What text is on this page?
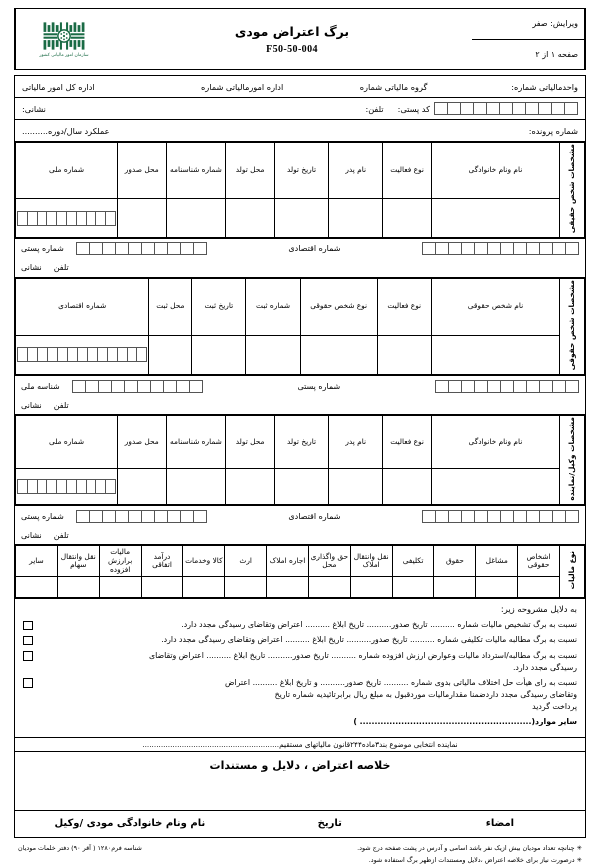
ویرایش: صفر
صفحه ۱ از ۲
برگ اعتراض مودی
F50-50-004
سازمان امور مالیاتی کشور
واحدمالیاتی شماره:
گروه مالیاتی شماره
اداره امورمالیاتی شماره
اداره کل امور مالیاتی
کد پستی:
تلفن:
نشانی:
شماره پرونده:
عملکرد سال/دوره..........
مشخصات شخص حقیقی	نام ونام خانوادگی	نوع فعالیت	نام پدر	تاریخ تولد	محل تولد	شماره شناسنامه	محل صدور	شماره ملی

شماره اقتصادی
شماره پستی
تلفن
نشانی
مشخصات شخص حقوقی	نام شخص حقوقی	نوع فعالیت	نوع شخص حقوقی	شماره ثبت	تاریخ ثبت	محل ثبت	شماره اقتصادی

شماره پستی
شناسه ملی
تلفن
نشانی
مشخصات وکیل/نماینده	نام ونام خانوادگی	نوع فعالیت	نام پدر	تاریخ تولد	محل تولد	شماره شناسنامه	محل صدور	شماره ملی

شماره اقتصادی
شماره پستی
تلفن
نشانی
نوع مالیات	اشخاص حقوقی	مشاغل	حقوق	تکلیفی	نقل وانتقال املاک	حق واگذاری محل	اجاره املاک	ارث	کالا وخدمات	درآمد اتفاقی	مالیات برارزش افزوده	نقل وانتقال سهام	سایر

به دلایل مشروحه زیر:
نسبت به برگ تشخیص مالیات شماره .......... تاریخ صدور.......... تاریخ ابلاغ .......... اعتراض وتقاضای رسیدگی مجدد دارد.
نسبت به برگ مطالبه مالیات تکلیفی شماره .......... تاریخ صدور.......... تاریخ ابلاغ .......... اعتراض وتقاضای رسیدگی مجدد دارد.
نسبت به برگ مطالبه/استرداد مالیات وعوارض ارزش افزوده شماره .......... تاریخ صدور.......... تاریخ ابلاغ .......... اعتراض وتقاضای
رسیدگی مجدد دارد.
نسبت به رای هیأت حل اختلاف مالیاتی بدوی شماره .......... تاریخ صدور.......... و تاریخ ابلاغ .......... اعتراض
وتقاضای رسیدگی مجدد داردضمنا مقدارمالیات موردقبول به مبلغ ریال برابرتائیدیه شماره تاریخ
پرداخت گردید
سایر موارد(.......................................................... )
نماینده انتخابی موضوع بند۳ماده۲۴۴قانون مالیاتهای مستقیم...........................................................
خلاصه اعتراض ، دلایل و مستندات
امضاء
تاریخ
نام ونام خانوادگی مودی /وکیل
✳ چنانچه تعداد مودیان بیش ازیک نفر باشد اسامی و آدرس در پشت صفحه درج شود.
شناسه فرم۱۲۸۰ ( آقر ۹۰) دفتر خلمات مودیان
✳ درصورت نیاز برای خلاصه اعتراض ،دلایل ومستندات ازظهر برگ استفاده شود.
